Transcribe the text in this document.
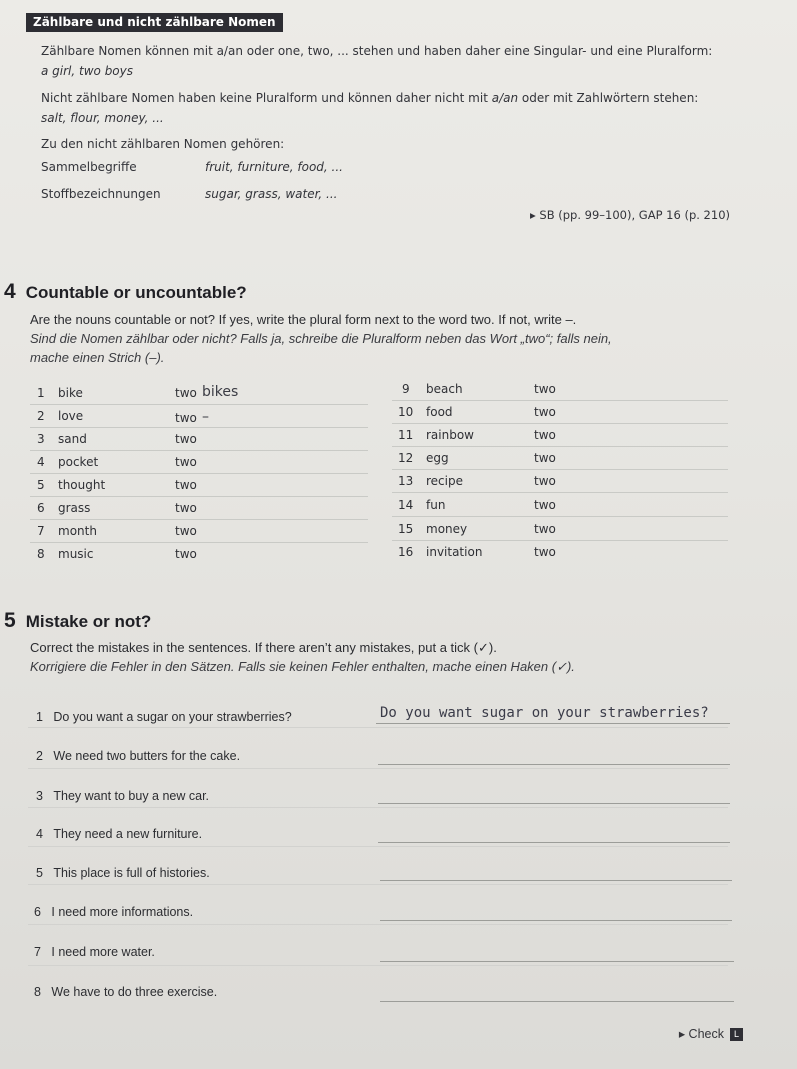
Zählbare und nicht zählbare Nomen
Zählbare Nomen können mit a/an oder one, two, ... stehen und haben daher eine Singular- und eine Pluralform:
a girl, two boys
Nicht zählbare Nomen haben keine Pluralform und können daher nicht mit a/an oder mit Zahlwörtern stehen:
salt, flour, money, ...
Zu den nicht zählbaren Nomen gehören:
Sammelbegriffe	fruit, furniture, food, ...
Stoffbezeichnungen	sugar, grass, water, ...
▸ SB (pp. 99–100), GAP 16 (p. 210)
4 Countable or uncountable?
Are the nouns countable or not? If yes, write the plural form next to the word two. If not, write –.
Sind die Nomen zählbar oder nicht? Falls ja, schreibe die Pluralform neben das Wort „two“; falls nein,
mache einen Strich (–).
1 bike	two bikes
2 love	two –
3 sand	two
4 pocket	two
5 thought	two
6 grass	two
7 month	two
8 music	two
9 beach	two
10 food	two
11 rainbow	two
12 egg	two
13 recipe	two
14 fun	two
15 money	two
16 invitation	two
5 Mistake or not?
Correct the mistakes in the sentences. If there aren’t any mistakes, put a tick (✓).
Korrigiere die Fehler in den Sätzen. Falls sie keinen Fehler enthalten, mache einen Haken (✓).
1 Do you want a sugar on your strawberries?	Do you want sugar on your strawberries?
2 We need two butters for the cake.
3 They want to buy a new car.
4 They need a new furniture.
5 This place is full of histories.
6 I need more informations.
7 I need more water.
8 We have to do three exercise.
▸ Check L
